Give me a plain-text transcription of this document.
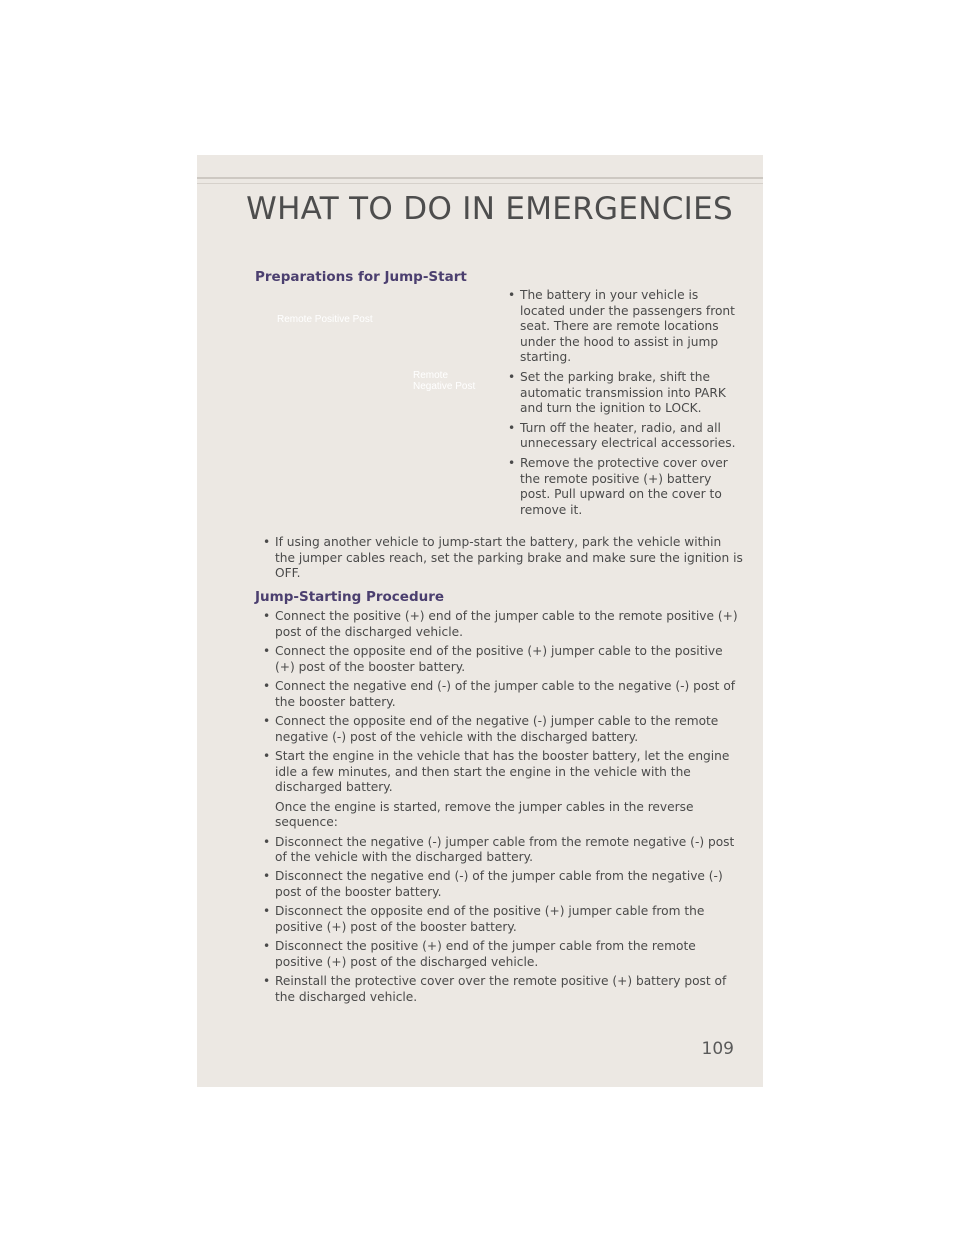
WHAT TO DO IN EMERGENCIES
Preparations for Jump-Start
Remote Positive Post
Remote
Negative Post
• The battery in your vehicle is located under the passengers front seat. There are remote locations under the hood to assist in jump starting.
• Set the parking brake, shift the automatic transmission into PARK and turn the ignition to LOCK.
• Turn off the heater, radio, and all unnecessary electrical accessories.
• Remove the protective cover over the remote positive (+) battery post. Pull upward on the cover to remove it.
• If using another vehicle to jump-start the battery, park the vehicle within the jumper cables reach, set the parking brake and make sure the ignition is OFF.
Jump-Starting Procedure
• Connect the positive (+) end of the jumper cable to the remote positive (+) post of the discharged vehicle.
• Connect the opposite end of the positive (+) jumper cable to the positive (+) post of the booster battery.
• Connect the negative end (-) of the jumper cable to the negative (-) post of the booster battery.
• Connect the opposite end of the negative (-) jumper cable to the remote negative (-) post of the vehicle with the discharged battery.
• Start the engine in the vehicle that has the booster battery, let the engine idle a few minutes, and then start the engine in the vehicle with the discharged battery.
Once the engine is started, remove the jumper cables in the reverse sequence:
• Disconnect the negative (-) jumper cable from the remote negative (-) post of the vehicle with the discharged battery.
• Disconnect the negative end (-) of the jumper cable from the negative (-) post of the booster battery.
• Disconnect the opposite end of the positive (+) jumper cable from the positive (+) post of the booster battery.
• Disconnect the positive (+) end of the jumper cable from the remote positive (+) post of the discharged vehicle.
• Reinstall the protective cover over the remote positive (+) battery post of the discharged vehicle.
109
